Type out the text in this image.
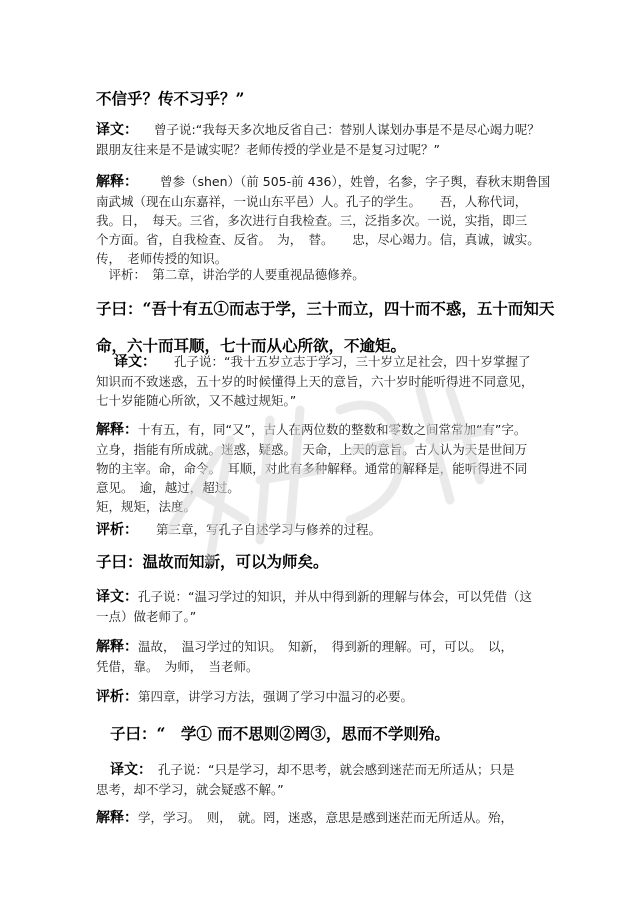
不信乎？传不习乎？”
译文： 曾子说:“我每天多次地反省自己：替别人谋划办事是不是尽心竭力呢？
跟朋友往来是不是诚实呢？老师传授的学业是不是复习过呢？”
解释： 曾参（shen）（前 505-前 436），姓曾，名参，字子舆，春秋末期鲁国
南武城（现在山东嘉祥，一说山东平邑）人。孔子的学生。　　吾，人称代词，
我。日，　每天。三省，多次进行自我检查。三，泛指多次。一说，实指，即三
个方面。省，自我检查、反省。　为，　替。　　忠，尽心竭力。信，真诚，诚实。
传，　老师传授的知识。
　评析：　第二章，讲治学的人要重视品德修养。
子曰：“吾十有五①而志于学，三十而立，四十而不惑，五十而知天
命，六十而耳顺，七十而从心所欲，不逾矩。
译文： 孔子说：“我十五岁立志于学习，三十岁立足社会，四十岁掌握了
知识而不致迷惑，五十岁的时候懂得上天的意旨，六十岁时能听得进不同意见，
七十岁能随心所欲，又不越过规矩。”
解释：十有五，有，同“又”，古人在两位数的整数和零数之间常常加“有”字。
立身，指能有所成就。迷惑，疑惑。　天命，上天的意旨。古人认为天是世间万
物的主宰。命，命令。　耳顺，对此有多种解释。通常的解释是，能听得进不同
意见。　逾，越过，超过。
矩，规矩，法度。
评析：　　第三章，写孔子自述学习与修养的过程。
子曰：温故而知新，可以为师矣。
译文：孔子说：“温习学过的知识，并从中得到新的理解与体会，可以凭借（这
一点）做老师了。”
解释：温故，　温习学过的知识。　知新，　得到新的理解。可，可以。　以，
凭借，靠。　为师，　当老师。
评析：第四章，讲学习方法，强调了学习中温习的必要。
子曰：“　学① 而不思则②罔③，思而不学则殆。
译文： 孔子说：“只是学习，却不思考，就会感到迷茫而无所适从；只是
思考，却不学习，就会疑惑不解。”
解释：学，学习。　则，　就。罔，迷惑，意思是感到迷茫而无所适从。殆，
